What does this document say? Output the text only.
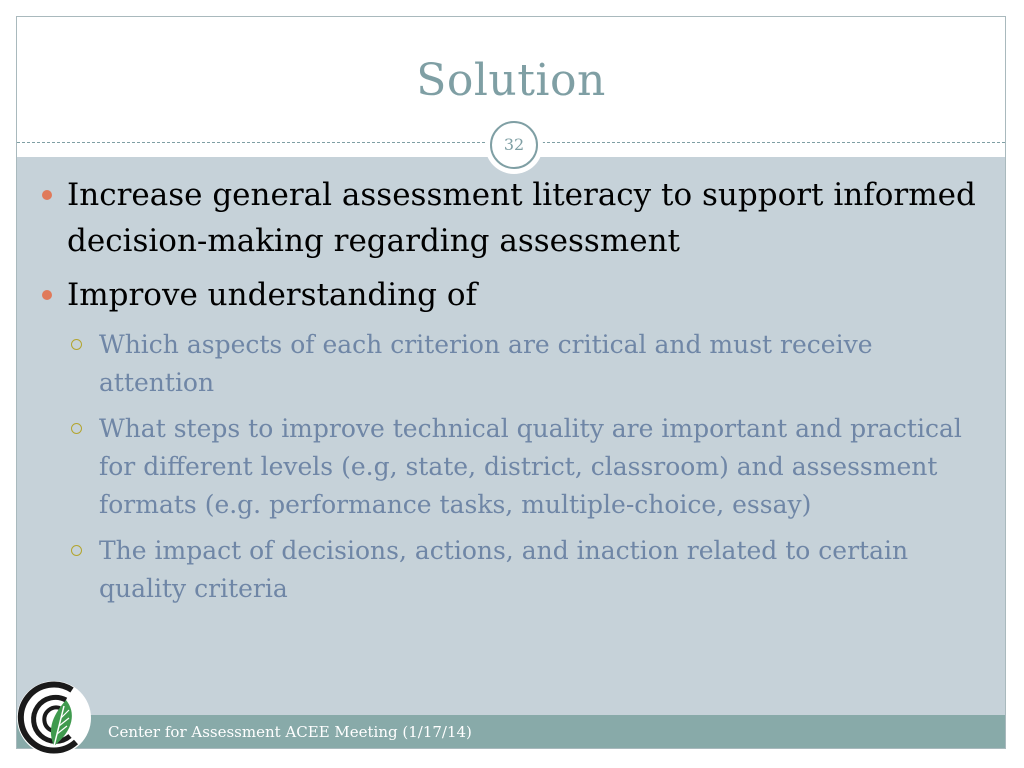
Solution
32
Increase general assessment literacy to support informed decision-making regarding assessment
Improve understanding of
Which aspects of each criterion are critical and must receive attention
What steps to improve technical quality are important and practical for different levels (e.g, state, district, classroom) and assessment formats (e.g. performance tasks, multiple-choice, essay)
The impact of decisions, actions, and inaction related to certain quality criteria
Center for Assessment ACEE Meeting (1/17/14)
